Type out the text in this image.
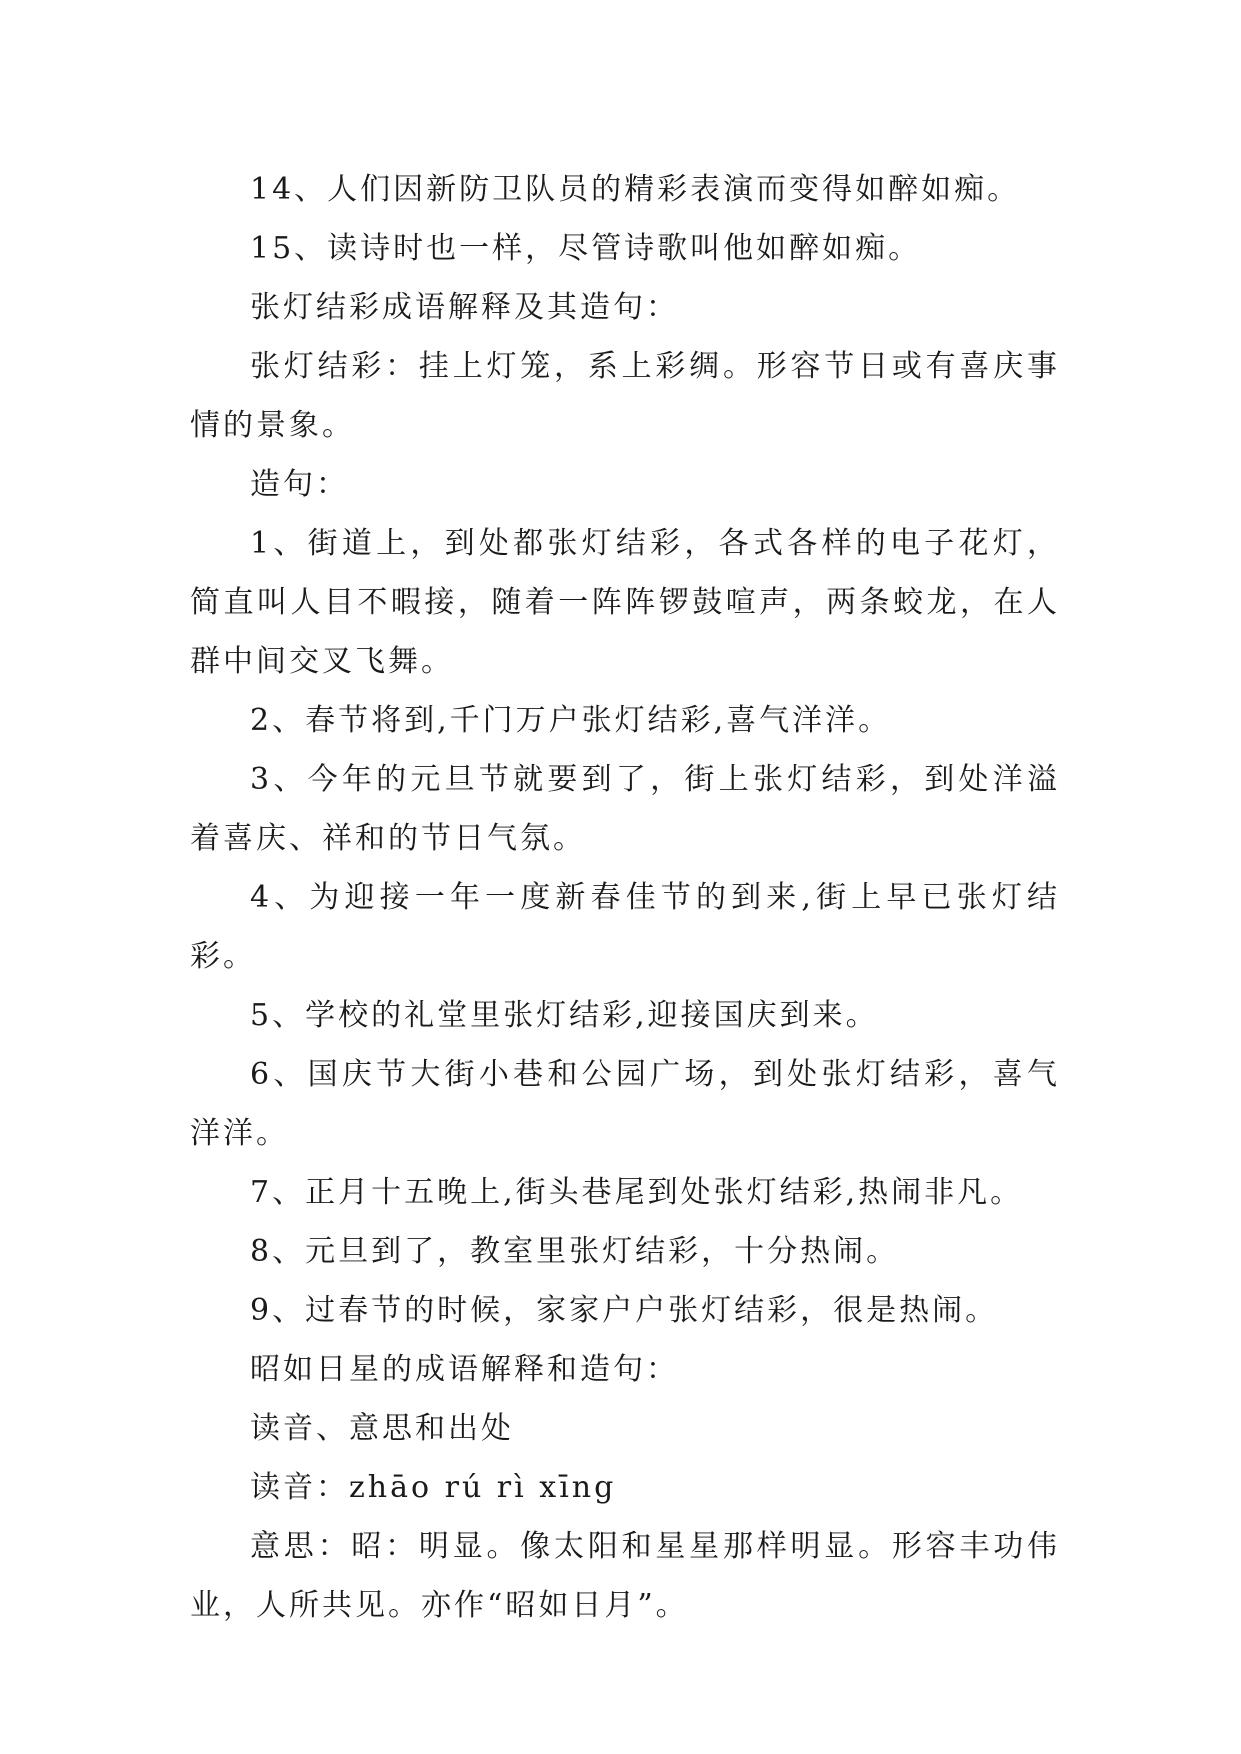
14、人们因新防卫队员的精彩表演而变得如醉如痴。

15、读诗时也一样，尽管诗歌叫他如醉如痴。

张灯结彩成语解释及其造句：

张灯结彩：挂上灯笼，系上彩绸。形容节日或有喜庆事情的景象。

造句：

1、街道上，到处都张灯结彩，各式各样的电子花灯，简直叫人目不暇接，随着一阵阵锣鼓喧声，两条蛟龙，在人群中间交叉飞舞。

2、春节将到,千门万户张灯结彩,喜气洋洋。

3、今年的元旦节就要到了，街上张灯结彩，到处洋溢着喜庆、祥和的节日气氛。

4、为迎接一年一度新春佳节的到来,街上早已张灯结彩。

5、学校的礼堂里张灯结彩,迎接国庆到来。

6、国庆节大街小巷和公园广场，到处张灯结彩，喜气洋洋。

7、正月十五晚上,街头巷尾到处张灯结彩,热闹非凡。

8、元旦到了，教室里张灯结彩，十分热闹。

9、过春节的时候，家家户户张灯结彩，很是热闹。

昭如日星的成语解释和造句：

读音、意思和出处

读音：zhāo rú rì xīng

意思：昭：明显。像太阳和星星那样明显。形容丰功伟业，人所共见。亦作“昭如日月”。
